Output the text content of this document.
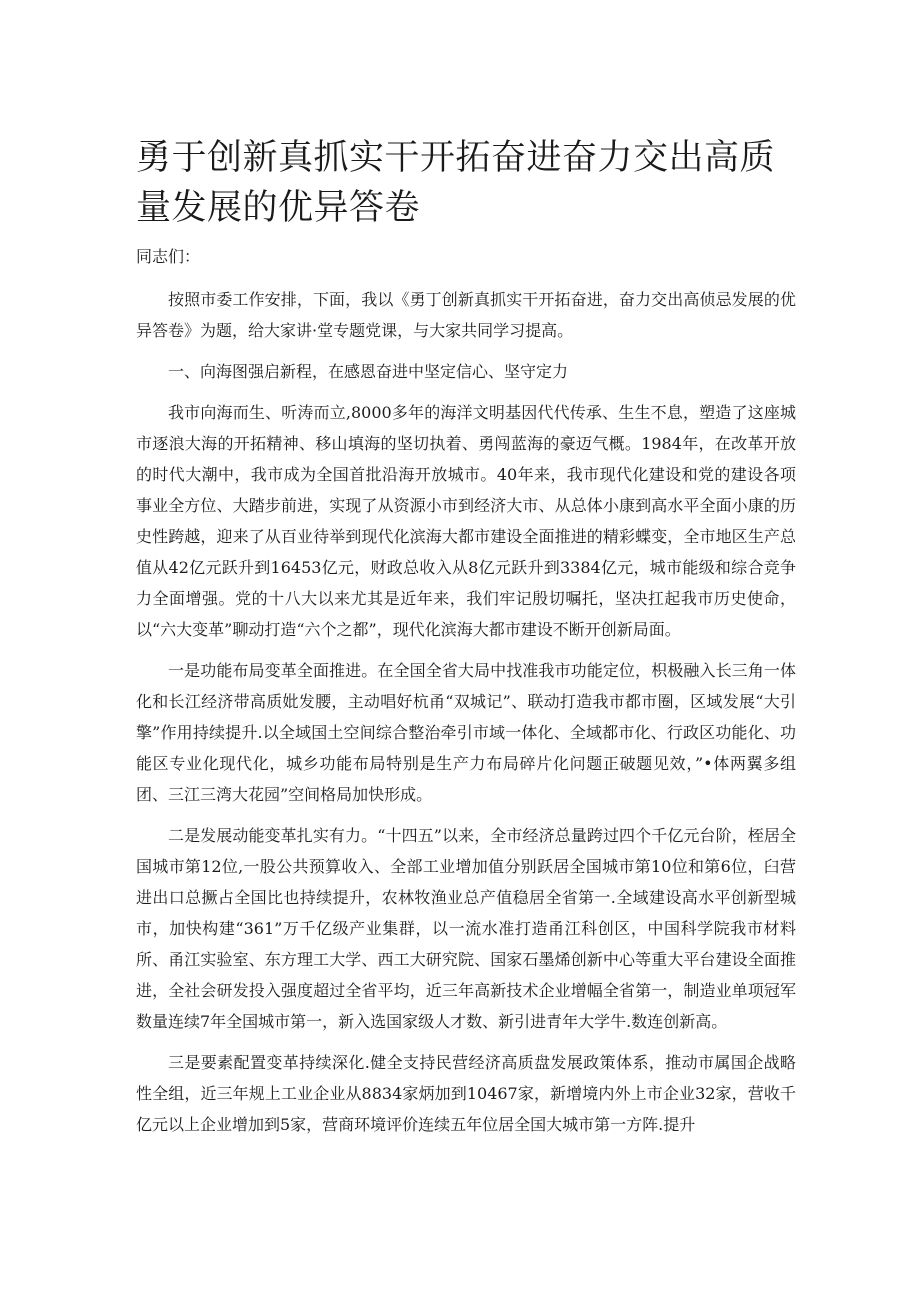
勇于创新真抓实干开拓奋进奋力交出高质量发展的优异答卷
同志们：

按照市委工作安排，下面，我以《勇丁创新真抓实干开拓奋进，奋力交出高侦忌发展的优异答卷》为题，给大家讲·堂专题党课，与大家共同学习提高。

一、向海图强启新程，在感恩奋进中坚定信心、坚守定力

我市向海而生、听涛而立,8000多年的海洋文明基因代代传承、生生不息，塑造了这座城市逐浪大海的开拓精神、移山填海的坚切执着、勇闯蓝海的豪迈气概。1984年，在改革开放的时代大潮中，我市成为全国首批沿海开放城市。40年来，我市现代化建设和党的建设各项事业全方位、大踏步前进，实现了从资源小市到经济大市、从总体小康到高水平全面小康的历史性跨越，迎来了从百业待举到现代化滨海大都市建设全面推进的精彩蝶变，全市地区生产总值从42亿元跃升到16453亿元，财政总收入从8亿元跃升到3384亿元，城市能级和综合竞争力全面增强。党的十八大以来尤其是近年来，我们牢记殷切嘱托，坚决扛起我市历史使命，以“六大变革”聊动打造“六个之都”，现代化滨海大都市建设不断开创新局面。

一是功能布局变革全面推进。在全国全省大局中找准我市功能定位，枳极融入长三角一体化和长江经济带高质妣发腰，主动唱好杭甬“双城记”、联动打造我市都市圈，区域发展“大引擎”作用持续提升.以全域国土空间综合整治牵引市域一体化、全域都市化、行政区功能化、功能区专业化现代化，城乡功能布局特别是生产力布局碎片化问题正破题见效，”•体两翼多组团、三江三湾大花园”空间格局加快形成。

二是发展动能变革扎实有力。“十四五”以来，全市经济总量跨过四个千亿元台阶，桎居全国城市第12位,一股公共预算收入、全部工业增加值分别跃居全国城市第10位和第6位，臼营进出口总撅占全国比也持续提升，农林牧渔业总产值稳居全省第一.全域建设高水平创新型城市，加快构建“361”万千亿级产业集群，以一流水准打造甬江科创区，中国科学院我市材料所、甬江实验室、东方理工大学、西工大研究院、国家石墨烯创新中心等重大平台建设全面推进，全社会研发投入强度超过全省平均，近三年高新技术企业增幅全省第一，制造业单项冠军数量连续7年全国城市第一，新入选国家级人才数、新引进青年大学牛.数连创新高。

三是要素配置变革持续深化.健全支持民营经济高质盘发展政策体系，推动市属国企战略性全组，近三年规上工业企业从8834家炳加到10467家，新增境内外上市企业32家，营收千亿元以上企业增加到5家，营商环境评价连续五年位居全国大城市第一方阵.提升
